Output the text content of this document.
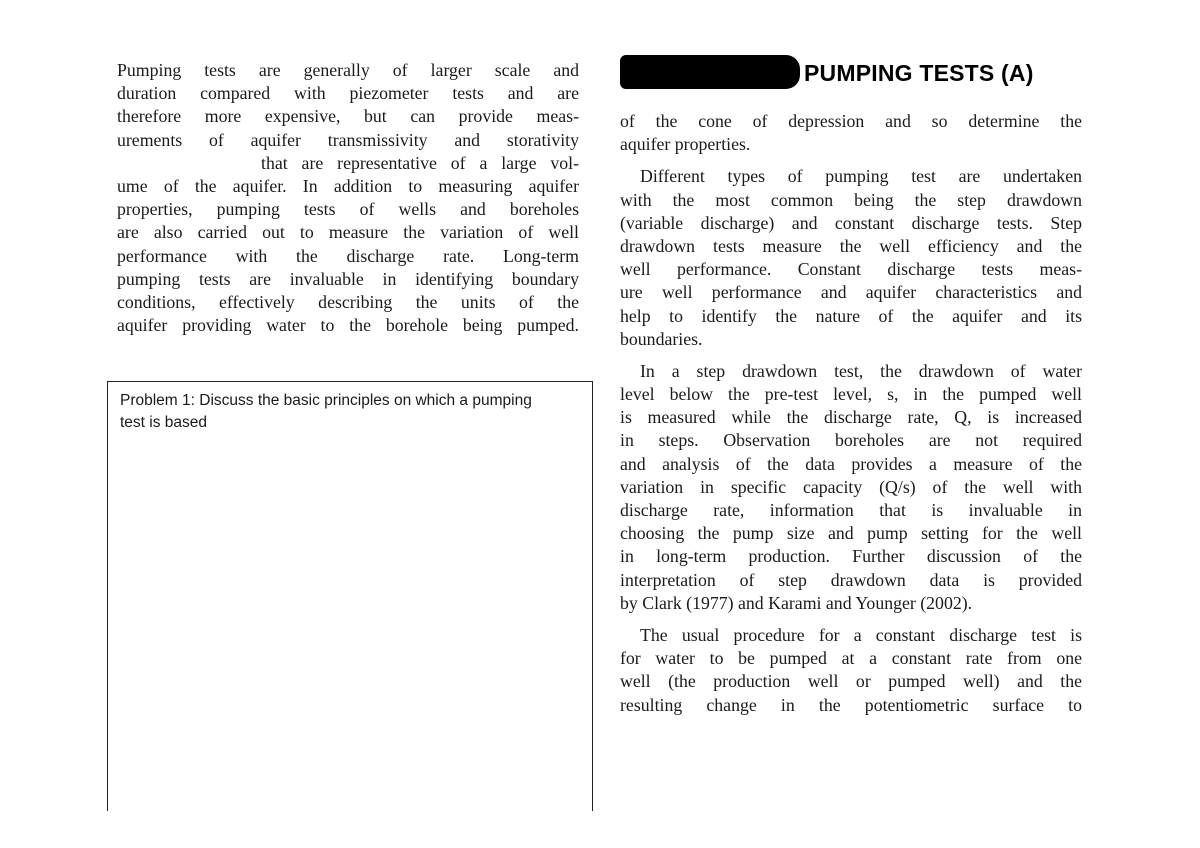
PUMPING TESTS (A)
Pumping tests are generally of larger scale and
duration compared with piezometer tests and are
therefore more expensive, but can provide meas-
urements of aquifer transmissivity and storativity
that are representative of a large vol-
ume of the aquifer. In addition to measuring aquifer
properties, pumping tests of wells and boreholes
are also carried out to measure the variation of well
performance with the discharge rate. Long-term
pumping tests are invaluable in identifying boundary
conditions, effectively describing the units of the
aquifer providing water to the borehole being pumped.
Problem 1: Discuss the basic principles on which a pumping
test is based
of the cone of depression and so determine the
aquifer properties.
Different types of pumping test are undertaken
with the most common being the step drawdown
(variable discharge) and constant discharge tests. Step
drawdown tests measure the well efficiency and the
well performance. Constant discharge tests meas-
ure well performance and aquifer characteristics and
help to identify the nature of the aquifer and its
boundaries.
In a step drawdown test, the drawdown of water
level below the pre-test level, s, in the pumped well
is measured while the discharge rate, Q, is increased
in steps. Observation boreholes are not required
and analysis of the data provides a measure of the
variation in specific capacity (Q/s) of the well with
discharge rate, information that is invaluable in
choosing the pump size and pump setting for the well
in long-term production. Further discussion of the
interpretation of step drawdown data is provided
by Clark (1977) and Karami and Younger (2002).
The usual procedure for a constant discharge test is
for water to be pumped at a constant rate from one
well (the production well or pumped well) and the
resulting change in the potentiometric surface to
